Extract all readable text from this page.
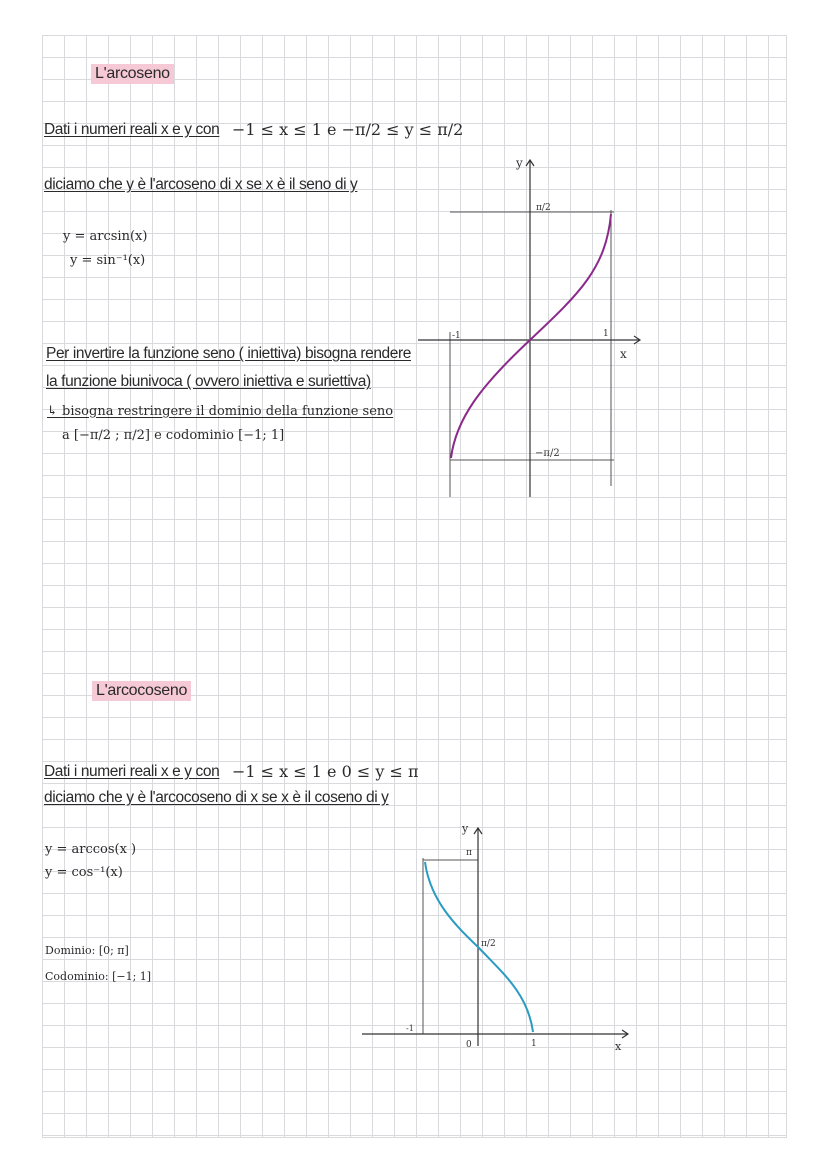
L'arcoseno
Dati i numeri reali x e y con −1 ≤ x ≤ 1 e −π/2 ≤ y ≤ π/2
diciamo che y è l'arcoseno di x se x è il seno di y
y = arcsin(x)
y = sin⁻¹(x)
Per invertire la funzione seno ( iniettiva) bisogna rendere
la funzione biunivoca ( ovvero iniettiva e suriettiva)
↳ bisogna restringere il dominio della funzione seno
a [−π/2 ; π/2] e codominio [−1; 1]
y
x
π/2
−π/2
-1	1
L'arcocoseno
Dati i numeri reali x e y con −1 ≤ x ≤ 1 e 0 ≤ y ≤ π
diciamo che y è l'arcocoseno di x se x è il coseno di y
y = arccos(x )
y = cos⁻¹(x)
Dominio: [0; π]
Codominio: [−1; 1]
y
x
π
π/2
0
-1
1
